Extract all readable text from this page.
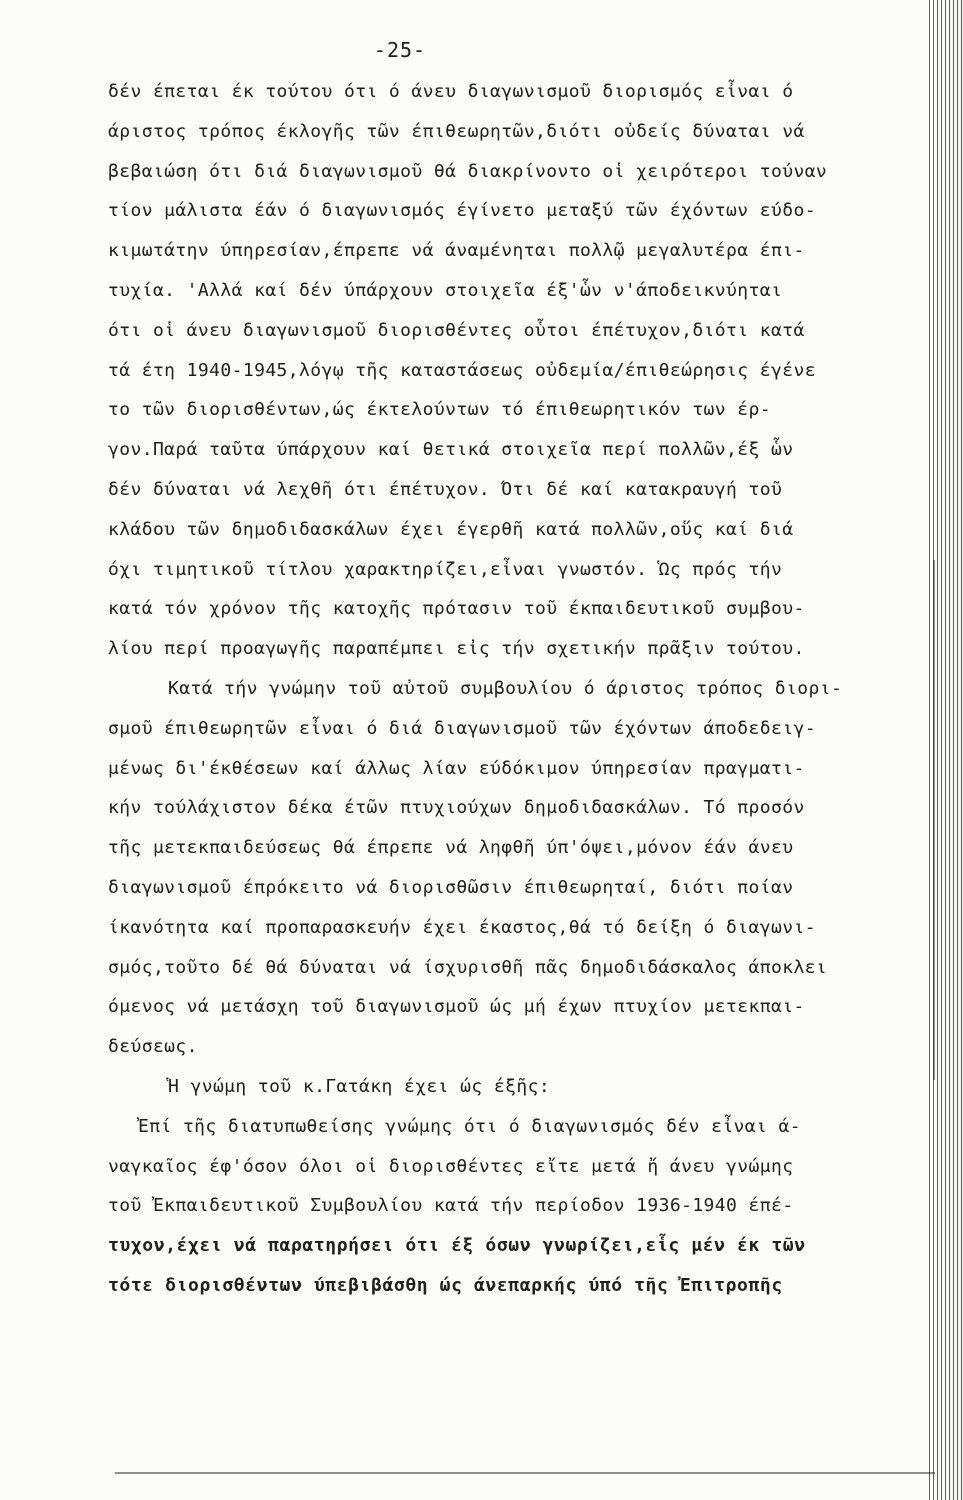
-25-
δέν έπεται έκ τούτου ότι ό άνευ διαγωνισμοῦ διορισμός εἶναι ό
άριστος τρόπος έκλογῆς τῶν έπιθεωρητῶν,διότι οὐδείς δύναται νά
βεβαιώση ότι διά διαγωνισμοῦ θά διακρίνοντο οἱ χειρότεροι τούναν
τίον μάλιστα έάν ό διαγωνισμός έγίνετο μεταξύ τῶν έχόντων εύδο-
κιμωτάτην ύπηρεσίαν,έπρεπε νά άναμένηται πολλῷ μεγαλυτέρα έπι-
τυχία. 'Αλλά καί δέν ύπάρχουν στοιχεῖα έξ'ὧν ν'άποδεικνύηται
ότι οἱ άνευ διαγωνισμοῦ διορισθέντες οὗτοι έπέτυχον,διότι κατά
τά έτη 1940-1945,λόγῳ τῆς καταστάσεως οὐδεμία/έπιθεώρησις έγένε
το τῶν διορισθέντων,ώς έκτελούντων τό έπιθεωρητικόν των έρ-
γον.Παρά ταῦτα ύπάρχουν καί θετικά στοιχεῖα περί πολλῶν,έξ ὧν
δέν δύναται νά λεχθῆ ότι έπέτυχον. Ότι δέ καί κατακραυγή τοῦ
κλάδου τῶν δημοδιδασκάλων έχει έγερθῆ κατά πολλῶν,οὕς καί διά
όχι τιμητικοῦ τίτλου χαρακτηρίζει,εἶναι γνωστόν. Ὡς πρός τήν
κατά τόν χρόνον τῆς κατοχῆς πρότασιν τοῦ έκπαιδευτικοῦ συμβου-
λίου περί προαγωγῆς παραπέμπει εἰς τήν σχετικήν πρᾶξιν τούτου.
Κατά τήν γνώμην τοῦ αὐτοῦ συμβουλίου ό άριστος τρόπος διορι-
σμοῦ έπιθεωρητῶν εἶναι ό διά διαγωνισμοῦ τῶν έχόντων άποδεδειγ-
μένως δι'έκθέσεων καί άλλως λίαν εύδόκιμον ύπηρεσίαν πραγματι-
κήν τούλάχιστον δέκα έτῶν πτυχιούχων δημοδιδασκάλων. Τό προσόν
τῆς μετεκπαιδεύσεως θά έπρεπε νά ληφθῆ ύπ'όψει,μόνον έάν άνευ
διαγωνισμοῦ έπρόκειτο νά διορισθῶσιν έπιθεωρηταί, διότι ποίαν
ίκανότητα καί προπαρασκευήν έχει έκαστος,θά τό δείξη ό διαγωνι-
σμός,τοῦτο δέ θά δύναται νά ίσχυρισθῆ πᾶς δημοδιδάσκαλος άποκλει
όμενος νά μετάσχη τοῦ διαγωνισμοῦ ώς μή έχων πτυχίον μετεκπαι-
δεύσεως.
Ἡ γνώμη τοῦ κ.Γατάκη έχει ώς έξῆς:
Ἐπί τῆς διατυπωθείσης γνώμης ότι ό διαγωνισμός δέν εἶναι ά-
ναγκαῖος έφ'όσον όλοι οἱ διορισθέντες εἴτε μετά ἤ άνευ γνώμης
τοῦ Ἐκπαιδευτικοῦ Συμβουλίου κατά τήν περίοδον 1936-1940 έπέ-
τυχον,έχει νά παρατηρήσει ότι έξ όσων γνωρίζει,εἷς μέν έκ τῶν
τότε διορισθέντων ύπεβιβάσθη ώς άνεπαρκής ύπό τῆς Ἐπιτροπῆς
